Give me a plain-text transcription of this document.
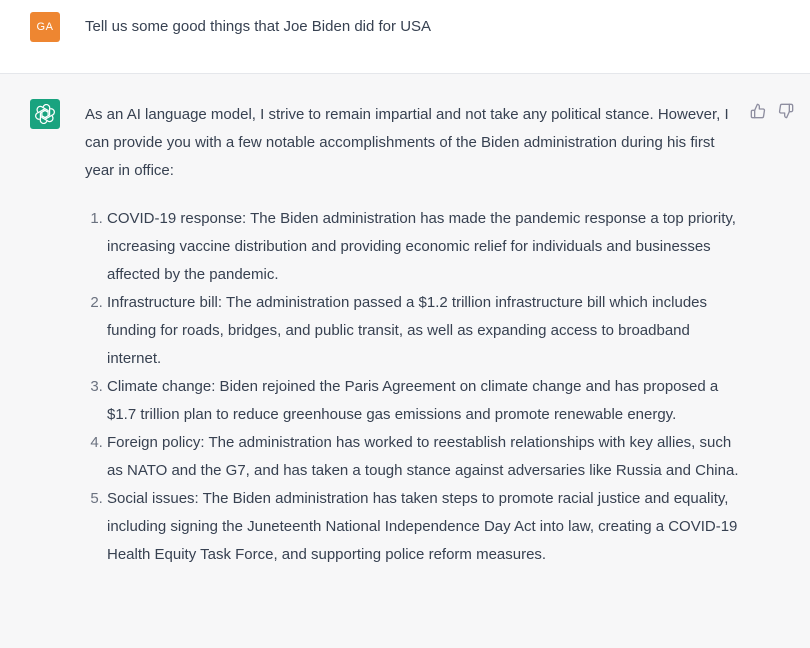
GA	Tell us some good things that Joe Biden did for USA

As an AI language model, I strive to remain impartial and not take any political stance. However, I can provide you with a few notable accomplishments of the Biden administration during his first year in office:

1. COVID-19 response: The Biden administration has made the pandemic response a top priority, increasing vaccine distribution and providing economic relief for individuals and businesses affected by the pandemic.
2. Infrastructure bill: The administration passed a $1.2 trillion infrastructure bill which includes funding for roads, bridges, and public transit, as well as expanding access to broadband internet.
3. Climate change: Biden rejoined the Paris Agreement on climate change and has proposed a $1.7 trillion plan to reduce greenhouse gas emissions and promote renewable energy.
4. Foreign policy: The administration has worked to reestablish relationships with key allies, such as NATO and the G7, and has taken a tough stance against adversaries like Russia and China.
5. Social issues: The Biden administration has taken steps to promote racial justice and equality, including signing the Juneteenth National Independence Day Act into law, creating a COVID-19 Health Equity Task Force, and supporting police reform measures.
